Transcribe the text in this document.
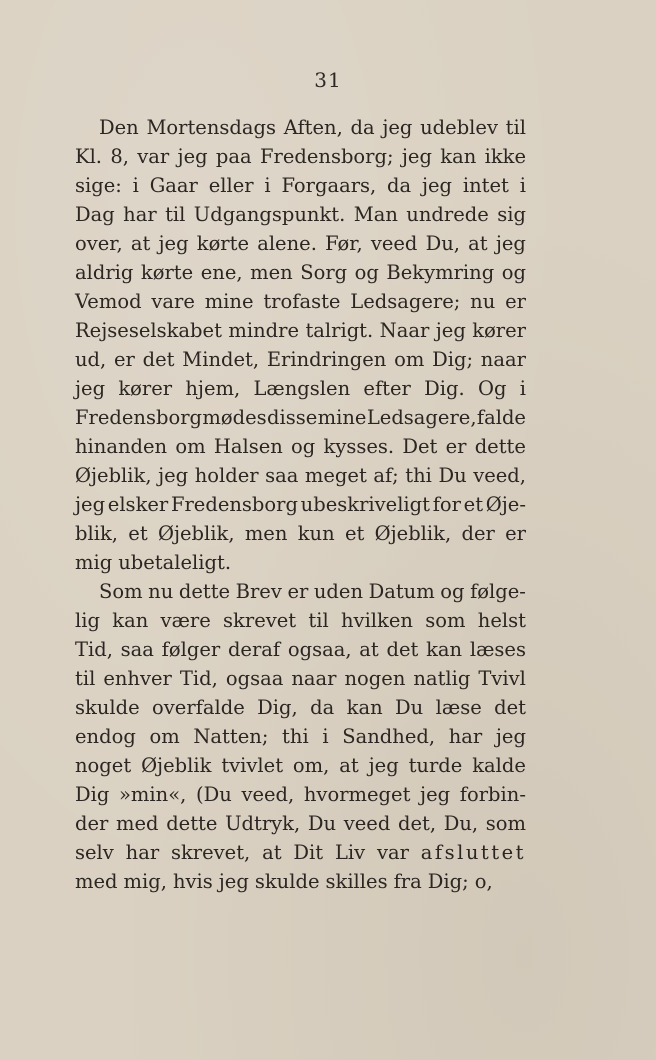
31
Den Mortensdags Aften, da jeg udeblev til
Kl. 8, var jeg paa Fredensborg; jeg kan ikke
sige: i Gaar eller i Forgaars, da jeg intet i
Dag har til Udgangspunkt. Man undrede sig
over, at jeg kørte alene. Før, veed Du, at jeg
aldrig kørte ene, men Sorg og Bekymring og
Vemod vare mine trofaste Ledsagere; nu er
Rejseselskabet mindre talrigt. Naar jeg kører
ud, er det Mindet, Erindringen om Dig; naar
jeg kører hjem, Længslen efter Dig. Og i
Fredensborg mødes disse mine Ledsagere, falde
hinanden om Halsen og kysses. Det er dette
Øjeblik, jeg holder saa meget af; thi Du veed,
jeg elsker Fredensborg ubeskriveligt for et Øje-
blik, et Øjeblik, men kun et Øjeblik, der er
mig ubetaleligt.
Som nu dette Brev er uden Datum og følge-
lig kan være skrevet til hvilken som helst
Tid, saa følger deraf ogsaa, at det kan læses
til enhver Tid, ogsaa naar nogen natlig Tvivl
skulde overfalde Dig, da kan Du læse det
endog om Natten; thi i Sandhed, har jeg
noget Øjeblik tvivlet om, at jeg turde kalde
Dig »min«, (Du veed, hvormeget jeg forbin-
der med dette Udtryk, Du veed det, Du, som
selv har skrevet, at Dit Liv var afsluttet
med mig, hvis jeg skulde skilles fra Dig; o,
